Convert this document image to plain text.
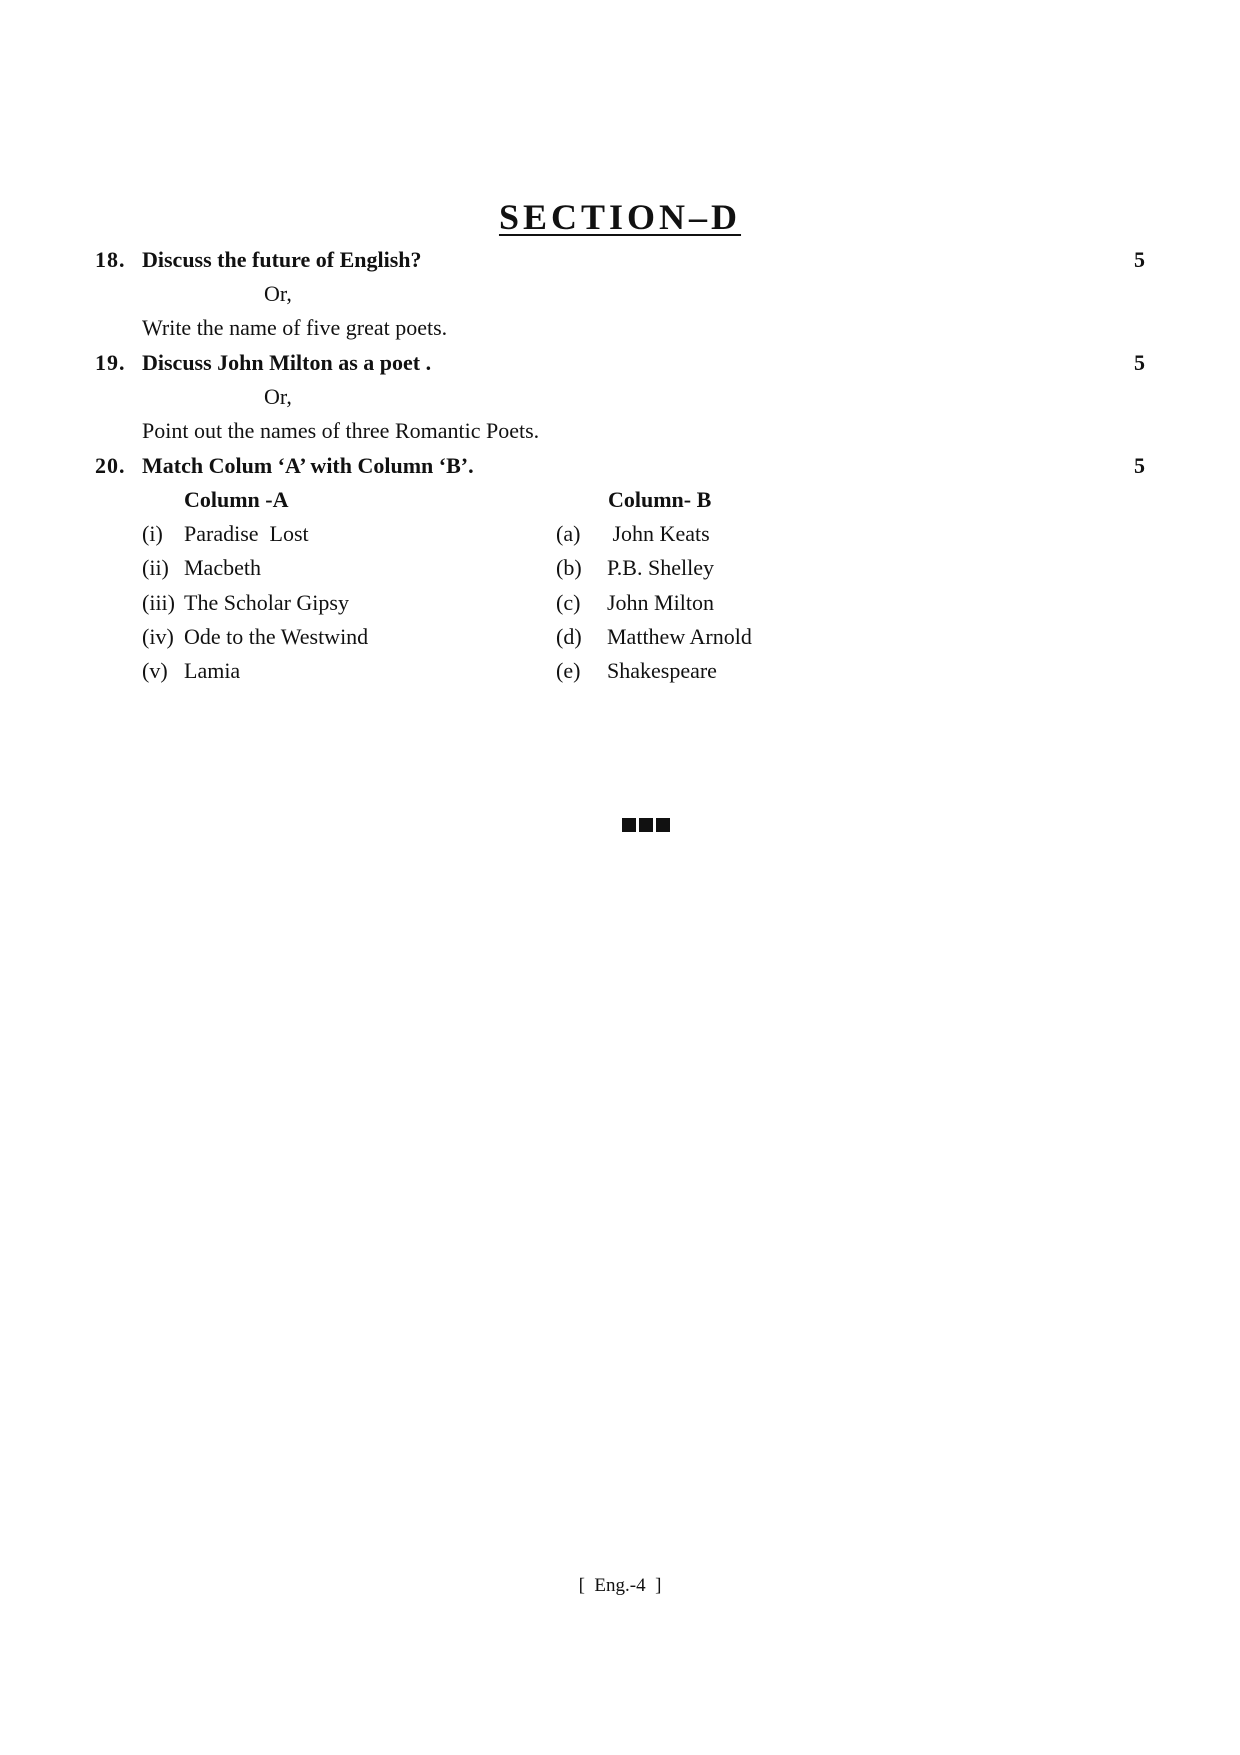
SECTION–D
18. Discuss the future of English?	5
Or,
Write the name of five great poets.
19. Discuss John Milton as a poet .	5
Or,
Point out the names of three Romantic Poets.
20. Match Colum ‘A’ with Column ‘B’.	5
Column -A	Column- B
(i) Paradise  Lost	(a) John Keats
(ii) Macbeth	(b) P.B. Shelley
(iii) The Scholar Gipsy	(c) John Milton
(iv) Ode to the Westwind	(d) Matthew Arnold
(v) Lamia	(e) Shakespeare
[  Eng.-4  ]
